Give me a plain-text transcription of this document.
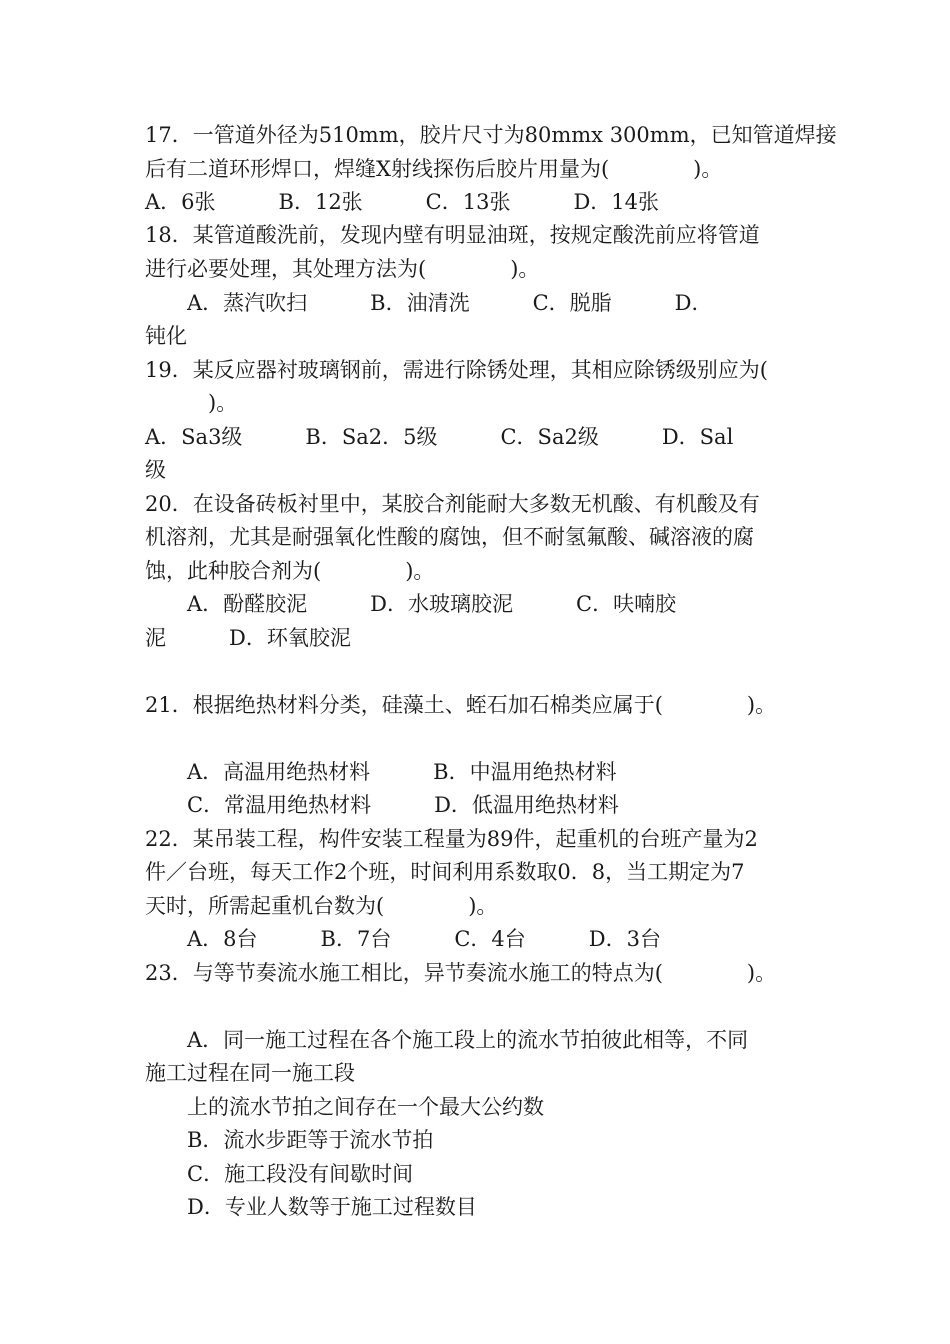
17．一管道外径为510mm，胶片尺寸为80mmx 300mm，已知管道焊接
后有二道环形焊口，焊缝X射线探伤后胶片用量为(　　　　)。
A．6张　　　B．12张　　　C．13张　　　D．14张
18．某管道酸洗前，发现内壁有明显油斑，按规定酸洗前应将管道
进行必要处理，其处理方法为(　　　　)。
　　A．蒸汽吹扫　　　B．油清洗　　　C．脱脂　　　D．
钝化
19．某反应器衬玻璃钢前，需进行除锈处理，其相应除锈级别应为(
　　　)。
A．Sa3级　　　B．Sa2．5级　　　C．Sa2级　　　D．Sal
级
20．在设备砖板衬里中，某胶合剂能耐大多数无机酸、有机酸及有
机溶剂，尤其是耐强氧化性酸的腐蚀，但不耐氢氟酸、碱溶液的腐
蚀，此种胶合剂为(　　　　)。
　　A．酚醛胶泥　　　D．水玻璃胶泥　　　C．呋喃胶
泥　　　D．环氧胶泥
21．根据绝热材料分类，硅藻土、蛭石加石棉类应属于(　　　　)。
　　A．高温用绝热材料　　　B．中温用绝热材料
　　C．常温用绝热材料　　　D．低温用绝热材料
22．某吊装工程，构件安装工程量为89件，起重机的台班产量为2
件／台班，每天工作2个班，时间利用系数取0．8，当工期定为7
天时，所需起重机台数为(　　　　)。
　　A．8台　　　B．7台　　　C．4台　　　D．3台
23．与等节奏流水施工相比，异节奏流水施工的特点为(　　　　)。
　　A．同一施工过程在各个施工段上的流水节拍彼此相等，不同
施工过程在同一施工段
　　上的流水节拍之间存在一个最大公约数
　　B．流水步距等于流水节拍
　　C．施工段没有间歇时间
　　D．专业人数等于施工过程数目
